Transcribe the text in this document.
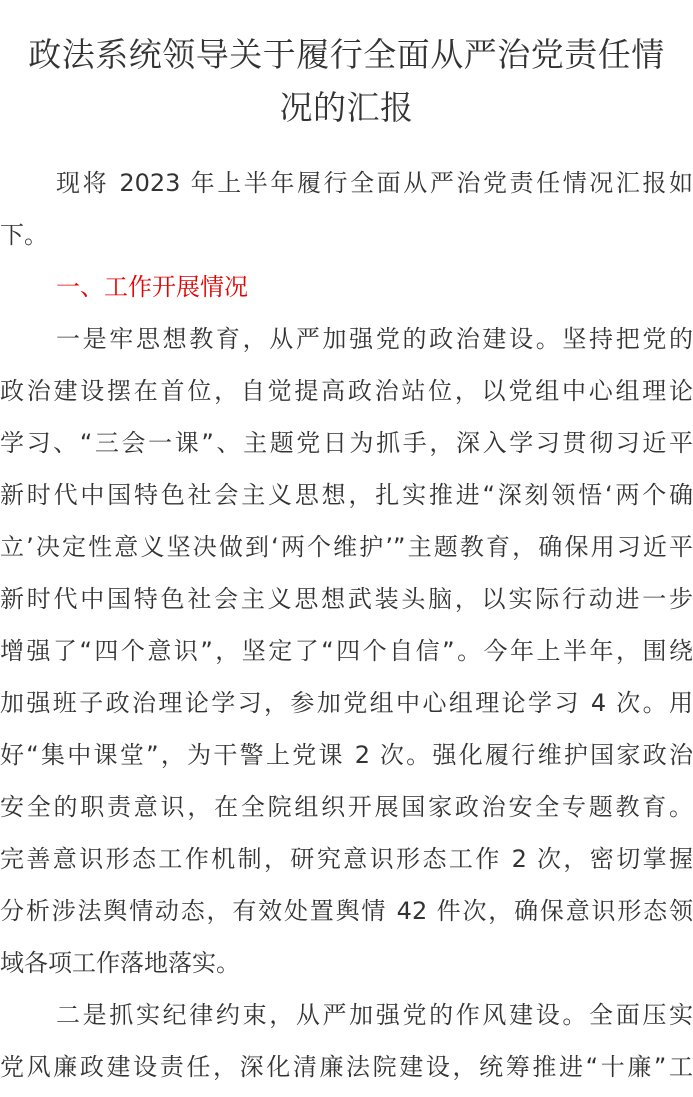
政法系统领导关于履行全面从严治党责任情
况的汇报
现将 2023 年上半年履行全面从严治党责任情况汇报如
下。
一、工作开展情况
一是牢思想教育，从严加强党的政治建设。坚持把党的
政治建设摆在首位，自觉提高政治站位，以党组中心组理论
学习、“三会一课”、主题党日为抓手，深入学习贯彻习近平
新时代中国特色社会主义思想，扎实推进“深刻领悟‘两个确
立’决定性意义坚决做到‘两个维护’”主题教育，确保用习近平
新时代中国特色社会主义思想武装头脑，以实际行动进一步
增强了“四个意识”，坚定了“四个自信”。今年上半年，围绕
加强班子政治理论学习，参加党组中心组理论学习 4 次。用
好“集中课堂”，为干警上党课 2 次。强化履行维护国家政治
安全的职责意识，在全院组织开展国家政治安全专题教育。
完善意识形态工作机制，研究意识形态工作 2 次，密切掌握
分析涉法舆情动态，有效处置舆情 42 件次，确保意识形态领
域各项工作落地落实。
二是抓实纪律约束，从严加强党的作风建设。全面压实
党风廉政建设责任，深化清廉法院建设，统筹推进“十廉”工
